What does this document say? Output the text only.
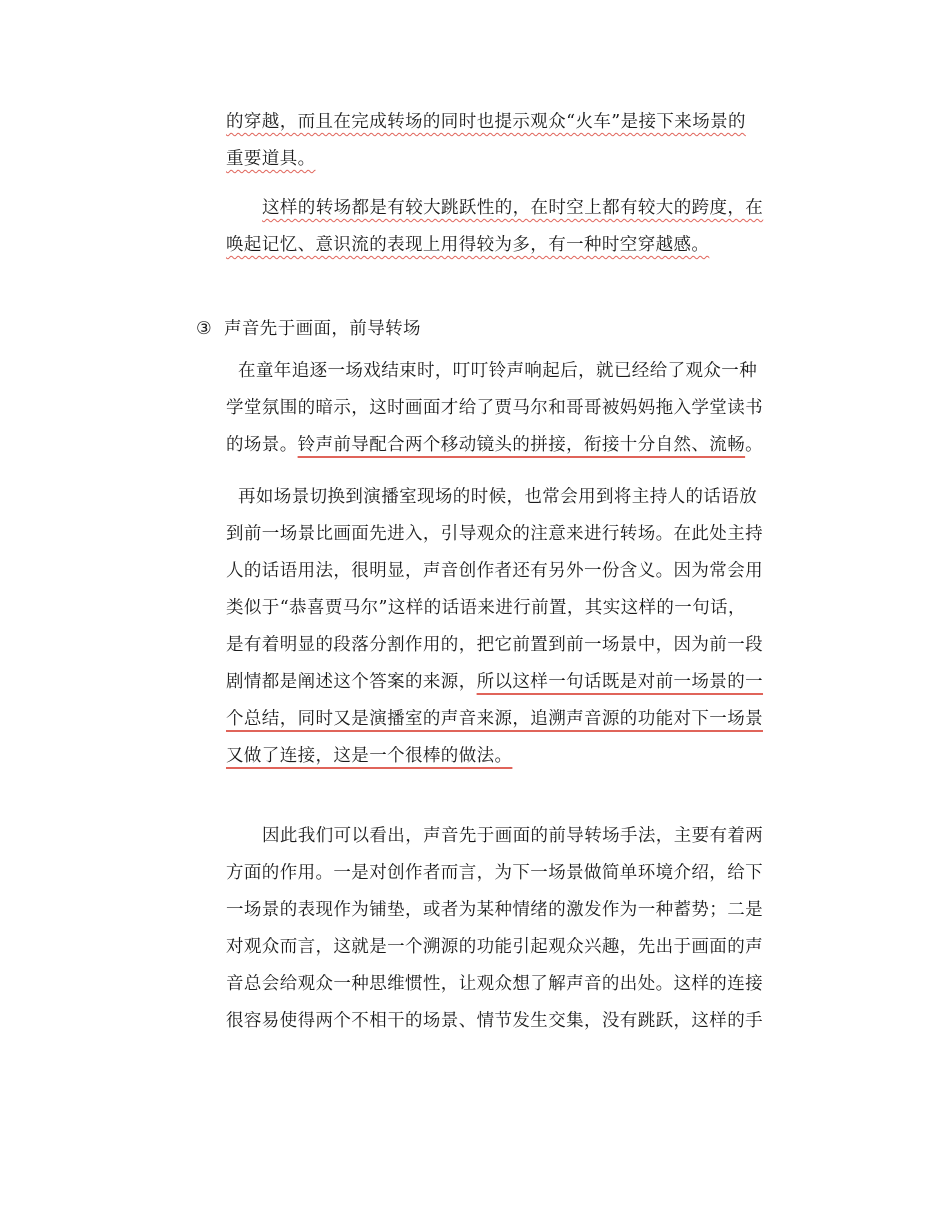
的穿越，而且在完成转场的同时也提示观众“火车”是接下来场景的
重要道具。
这样的转场都是有较大跳跃性的，在时空上都有较大的跨度，在
唤起记忆、意识流的表现上用得较为多，有一种时空穿越感。
③ 声音先于画面，前导转场
在童年追逐一场戏结束时，叮叮铃声响起后，就已经给了观众一种
学堂氛围的暗示，这时画面才给了贾马尔和哥哥被妈妈拖入学堂读书
的场景。铃声前导配合两个移动镜头的拼接，衔接十分自然、流畅。
再如场景切换到演播室现场的时候，也常会用到将主持人的话语放
到前一场景比画面先进入，引导观众的注意来进行转场。在此处主持
人的话语用法，很明显，声音创作者还有另外一份含义。因为常会用
类似于“恭喜贾马尔”这样的话语来进行前置，其实这样的一句话，
是有着明显的段落分割作用的，把它前置到前一场景中，因为前一段
剧情都是阐述这个答案的来源，所以这样一句话既是对前一场景的一
个总结，同时又是演播室的声音来源，追溯声音源的功能对下一场景
又做了连接，这是一个很棒的做法。
因此我们可以看出，声音先于画面的前导转场手法，主要有着两
方面的作用。一是对创作者而言，为下一场景做简单环境介绍，给下
一场景的表现作为铺垫，或者为某种情绪的激发作为一种蓄势；二是
对观众而言，这就是一个溯源的功能引起观众兴趣，先出于画面的声
音总会给观众一种思维惯性，让观众想了解声音的出处。这样的连接
很容易使得两个不相干的场景、情节发生交集，没有跳跃，这样的手
